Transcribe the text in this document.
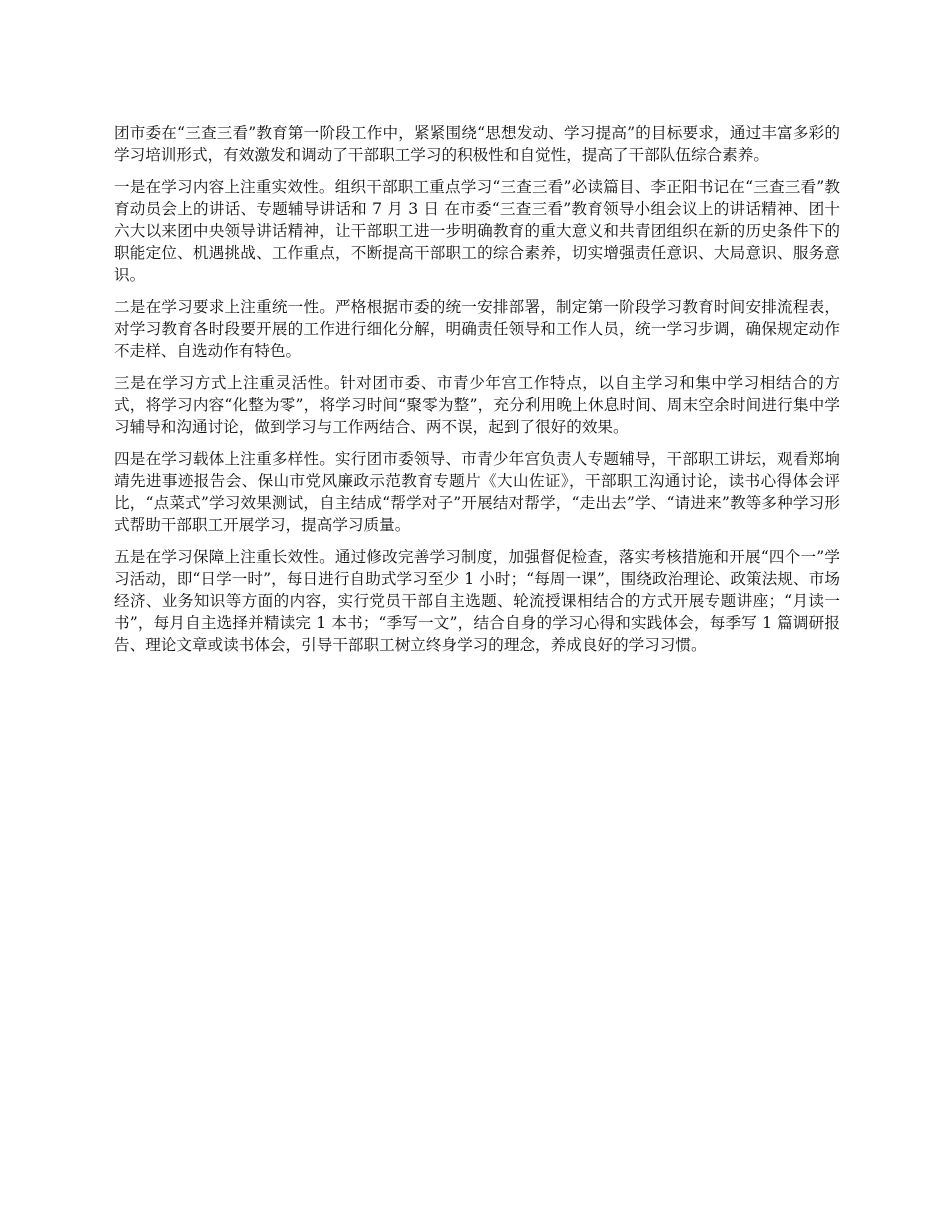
团市委在“三查三看”教育第一阶段工作中，紧紧围绕“思想发动、学习提高”的目标要求，通过丰富多彩的学习培训形式，有效激发和调动了干部职工学习的积极性和自觉性，提高了干部队伍综合素养。

一是在学习内容上注重实效性。组织干部职工重点学习“三查三看”必读篇目、李正阳书记在“三查三看”教育动员会上的讲话、专题辅导讲话和 7 月 3 日 在市委“三查三看”教育领导小组会议上的讲话精神、团十六大以来团中央领导讲话精神，让干部职工进一步明确教育的重大意义和共青团组织在新的历史条件下的职能定位、机遇挑战、工作重点，不断提高干部职工的综合素养，切实增强责任意识、大局意识、服务意识。

二是在学习要求上注重统一性。严格根据市委的统一安排部署，制定第一阶段学习教育时间安排流程表，对学习教育各时段要开展的工作进行细化分解，明确责任领导和工作人员，统一学习步调，确保规定动作不走样、自选动作有特色。

三是在学习方式上注重灵活性。针对团市委、市青少年宫工作特点，以自主学习和集中学习相结合的方式，将学习内容“化整为零”，将学习时间“聚零为整”，充分利用晚上休息时间、周末空余时间进行集中学习辅导和沟通讨论，做到学习与工作两结合、两不误，起到了很好的效果。

四是在学习载体上注重多样性。实行团市委领导、市青少年宫负责人专题辅导，干部职工讲坛，观看郑垧靖先进事迹报告会、保山市党风廉政示范教育专题片《大山佐证》，干部职工沟通讨论，读书心得体会评比，“点菜式”学习效果测试，自主结成“帮学对子”开展结对帮学，“走出去”学、“请进来”教等多种学习形式帮助干部职工开展学习，提高学习质量。

五是在学习保障上注重长效性。通过修改完善学习制度，加强督促检查，落实考核措施和开展“四个一”学习活动，即“日学一时”，每日进行自助式学习至少 1 小时；“每周一课”，围绕政治理论、政策法规、市场经济、业务知识等方面的内容，实行党员干部自主选题、轮流授课相结合的方式开展专题讲座；“月读一书”，每月自主选择并精读完 1 本书；“季写一文”，结合自身的学习心得和实践体会，每季写 1 篇调研报告、理论文章或读书体会，引导干部职工树立终身学习的理念，养成良好的学习习惯。
